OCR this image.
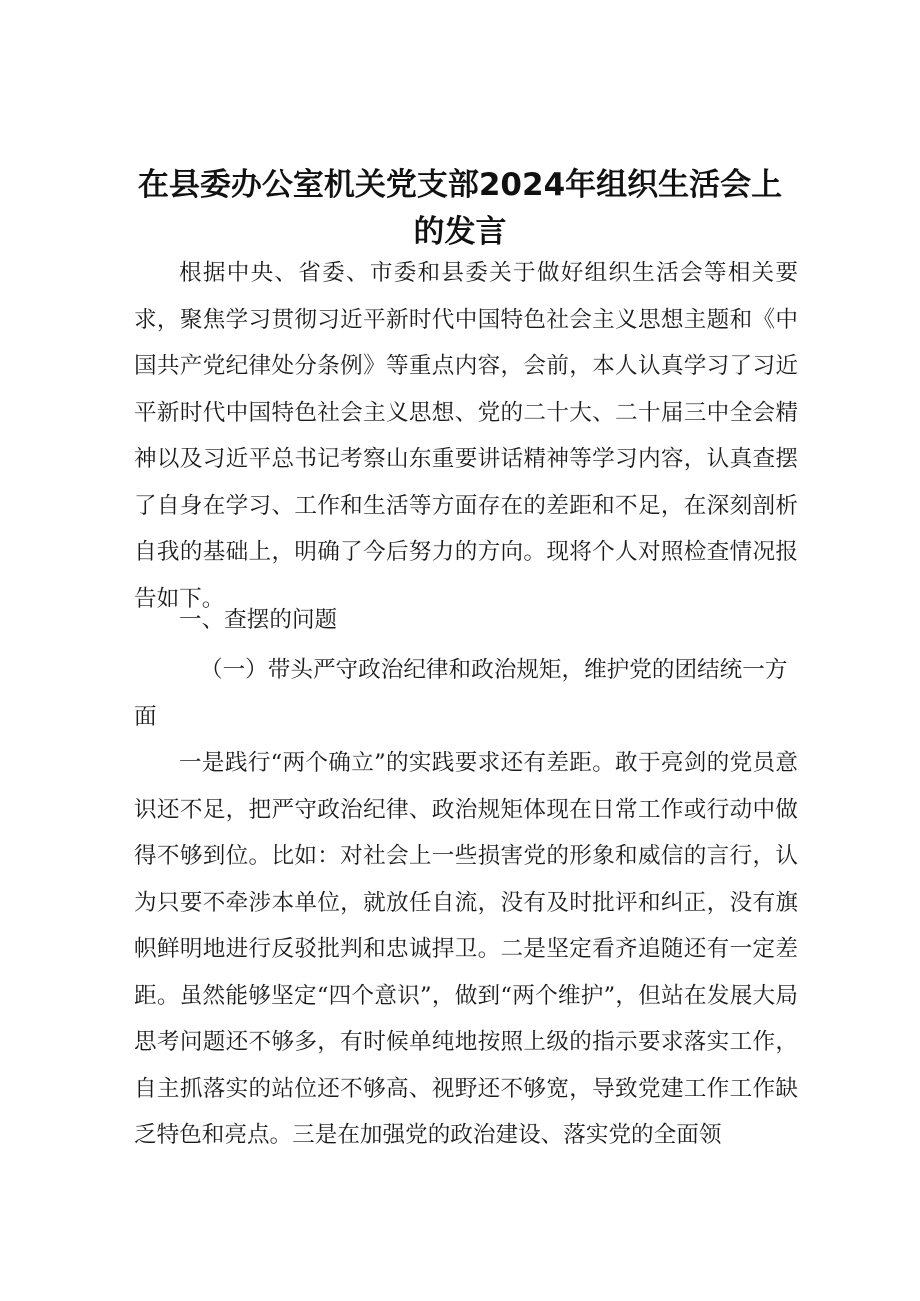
在县委办公室机关党支部2024年组织生活会上的发言

根据中央、省委、市委和县委关于做好组织生活会等相关要求，聚焦学习贯彻习近平新时代中国特色社会主义思想主题和《中国共产党纪律处分条例》等重点内容，会前，本人认真学习了习近平新时代中国特色社会主义思想、党的二十大、二十届三中全会精神以及习近平总书记考察山东重要讲话精神等学习内容，认真查摆了自身在学习、工作和生活等方面存在的差距和不足，在深刻剖析自我的基础上，明确了今后努力的方向。现将个人对照检查情况报告如下。

一、查摆的问题

（一）带头严守政治纪律和政治规矩，维护党的团结统一方面

一是践行“两个确立”的实践要求还有差距。敢于亮剑的党员意识还不足，把严守政治纪律、政治规矩体现在日常工作或行动中做得不够到位。比如：对社会上一些损害党的形象和威信的言行，认为只要不牵涉本单位，就放任自流，没有及时批评和纠正，没有旗帜鲜明地进行反驳批判和忠诚捍卫。二是坚定看齐追随还有一定差距。虽然能够坚定“四个意识”，做到“两个维护”，但站在发展大局思考问题还不够多，有时候单纯地按照上级的指示要求落实工作，自主抓落实的站位还不够高、视野还不够宽，导致党建工作工作缺乏特色和亮点。三是在加强党的政治建设、落实党的全面领
